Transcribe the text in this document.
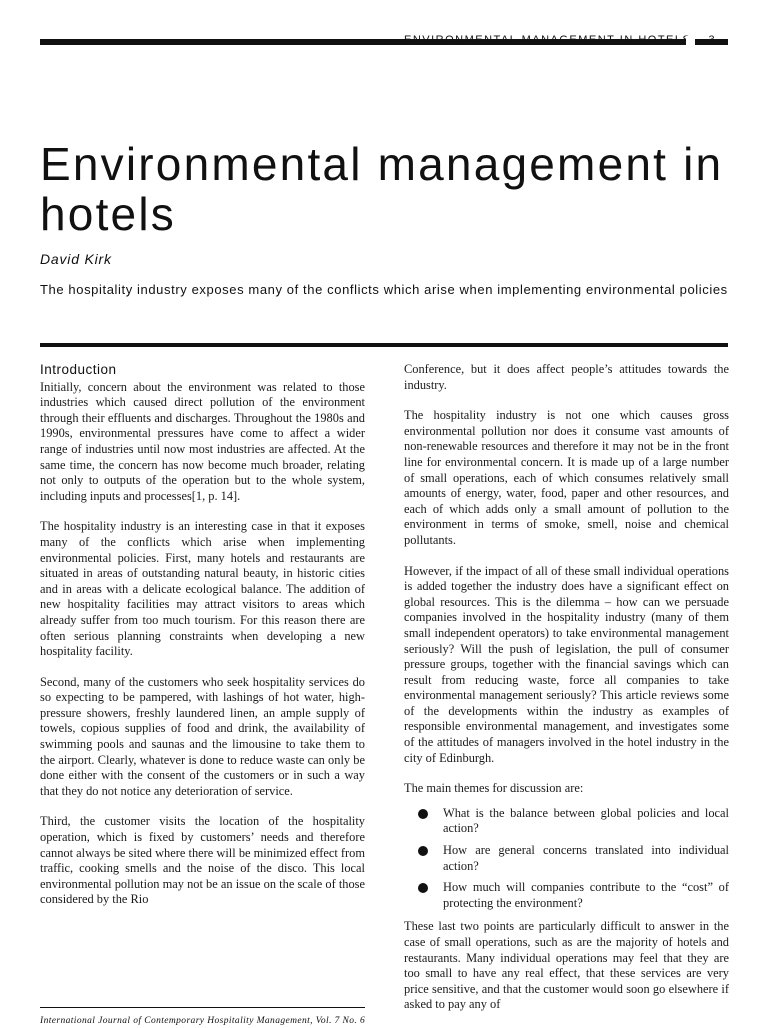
Environmental management in hotels
David Kirk

The hospitality industry exposes many of the conflicts which arise when implementing environmental policies

Introduction

Initially, concern about the environment was related to those industries which caused direct pollution of the environment through their effluents and discharges. Throughout the 1980s and 1990s, environmental pressures have come to affect a wider range of industries until now most industries are affected. At the same time, the concern has now become much broader, relating not only to outputs of the operation but to the whole system, including inputs and processes[1, p. 14].

The hospitality industry is an interesting case in that it exposes many of the conflicts which arise when implementing environmental policies. First, many hotels and restaurants are situated in areas of outstanding natural beauty, in historic cities and in areas with a delicate ecological balance. The addition of new hospitality facilities may attract visitors to areas which already suffer from too much tourism. For this reason there are often serious planning constraints when developing a new hospitality facility.

Second, many of the customers who seek hospitality services do so expecting to be pampered, with lashings of hot water, high-pressure showers, freshly laundered linen, an ample supply of towels, copious supplies of food and drink, the availability of swimming pools and saunas and the limousine to take them to the airport. Clearly, whatever is done to reduce waste can only be done either with the consent of the customers or in such a way that they do not notice any deterioration of service.

Third, the customer visits the location of the hospitality operation, which is fixed by customers’ needs and therefore cannot always be sited where there will be minimized effect from traffic, cooking smells and the noise of the disco. This local environmental pollution may not be an issue on the scale of those considered by the Rio

Conference, but it does affect people’s attitudes towards the industry.

The hospitality industry is not one which causes gross environmental pollution nor does it consume vast amounts of non-renewable resources and therefore it may not be in the front line for environmental concern. It is made up of a large number of small operations, each of which consumes relatively small amounts of energy, water, food, paper and other resources, and each of which adds only a small amount of pollution to the environment in terms of smoke, smell, noise and chemical pollutants.

However, if the impact of all of these small individual operations is added together the industry does have a significant effect on global resources. This is the dilemma – how can we persuade companies involved in the hospitality industry (many of them small independent operators) to take environmental management seriously? Will the push of legislation, the pull of consumer pressure groups, together with the financial savings which can result from reducing waste, force all companies to take environmental management seriously? This article reviews some of the developments within the industry as examples of responsible environmental management, and investigates some of the attitudes of managers involved in the hotel industry in the city of Edinburgh.

The main themes for discussion are:

What is the balance between global policies and local action?
How are general concerns translated into individual action?
How much will companies contribute to the “cost” of protecting the environment?

These last two points are particularly difficult to answer in the case of small operations, such as are the majority of hotels and restaurants. Many individual operations may feel that they are too small to have any real effect, that these services are very price sensitive, and that the customer would soon go elsewhere if asked to pay any of

International Journal of Contemporary Hospitality Management, Vol. 7 No. 6
